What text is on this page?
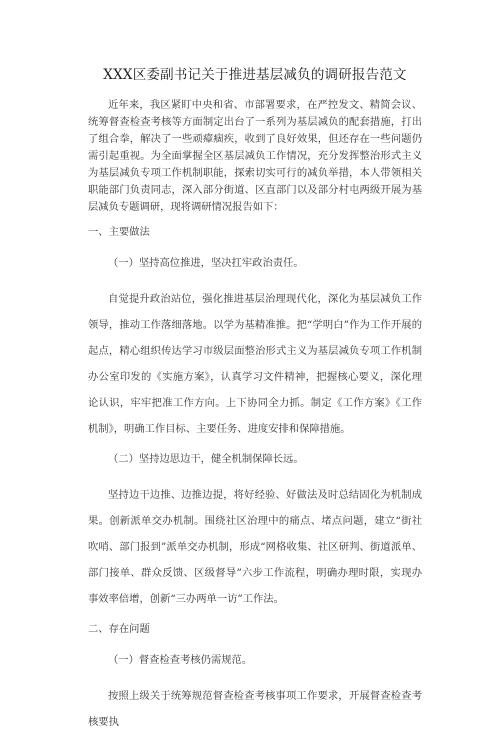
XXX区委副书记关于推进基层减负的调研报告范文

近年来，我区紧盯中央和省、市部署要求，在严控发文、精简会议、统筹督查检查考核等方面制定出台了一系列为基层减负的配套措施，打出了组合拳，解决了一些顽瘴痼疾，收到了良好效果，但还存在一些问题仍需引起重视。为全面掌握全区基层减负工作情况，充分发挥整治形式主义为基层减负专项工作机制职能，探索切实可行的减负举措，本人带领相关职能部门负责同志，深入部分街道、区直部门以及部分村屯两级开展为基层减负专题调研，现将调研情况报告如下：

一、主要做法
（一）坚持高位推进，坚决扛牢政治责任。

自觉提升政治站位，强化推进基层治理现代化，深化为基层减负工作领导，推动工作落细落地。以学为基精准推。把“学明白”作为工作开展的起点，精心组织传达学习市级层面整治形式主义为基层减负专项工作机制办公室印发的《实施方案》，认真学习文件精神，把握核心要义，深化理论认识，牢牢把准工作方向。上下协同全力抓。制定《工作方案》《工作机制》，明确工作目标、主要任务、进度安排和保障措施。

（二）坚持边思边干，健全机制保障长远。

坚持边干边推、边推边提，将好经验、好做法及时总结固化为机制成果。创新派单交办机制。围绕社区治理中的痛点、堵点问题，建立“街社吹哨、部门报到”派单交办机制，形成“网格收集、社区研判、街道派单、部门接单、群众反馈、区级督导”六步工作流程，明确办理时限，实现办事效率倍增，创新“三办两单一访”工作法。

二、存在问题
（一）督查检查考核仍需规范。

按照上级关于统筹规范督查检查考核事项工作要求，开展督查检查考核要执
